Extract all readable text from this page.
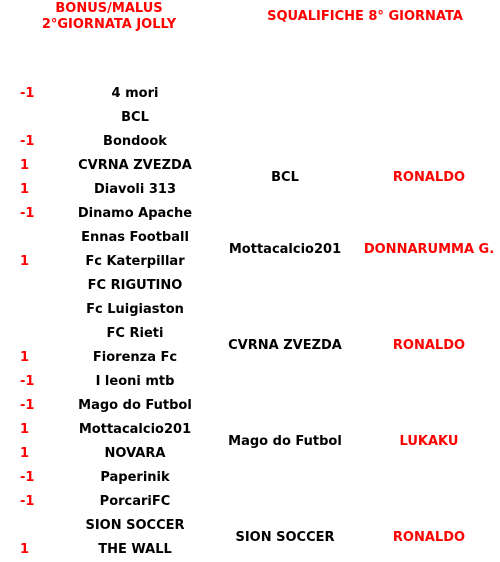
BONUS/MALUS
2°GIORNATA JOLLY
SQUALIFICHE 8° GIORNATA
-1	4 mori
BCL
-1	Bondook
1	CVRNA ZVEZDA
1	Diavoli 313
-1	Dinamo Apache
Ennas Football
1	Fc Katerpillar
FC RIGUTINO
Fc Luigiaston
FC Rieti
1	Fiorenza Fc
-1	I leoni mtb
-1	Mago do Futbol
1	Mottacalcio201
1	NOVARA
-1	Paperinik
-1	PorcariFC
SION SOCCER
1	THE WALL
BCL	RONALDO
Mottacalcio201	DONNARUMMA G.
CVRNA ZVEZDA	RONALDO
Mago do Futbol	LUKAKU
SION SOCCER	RONALDO
